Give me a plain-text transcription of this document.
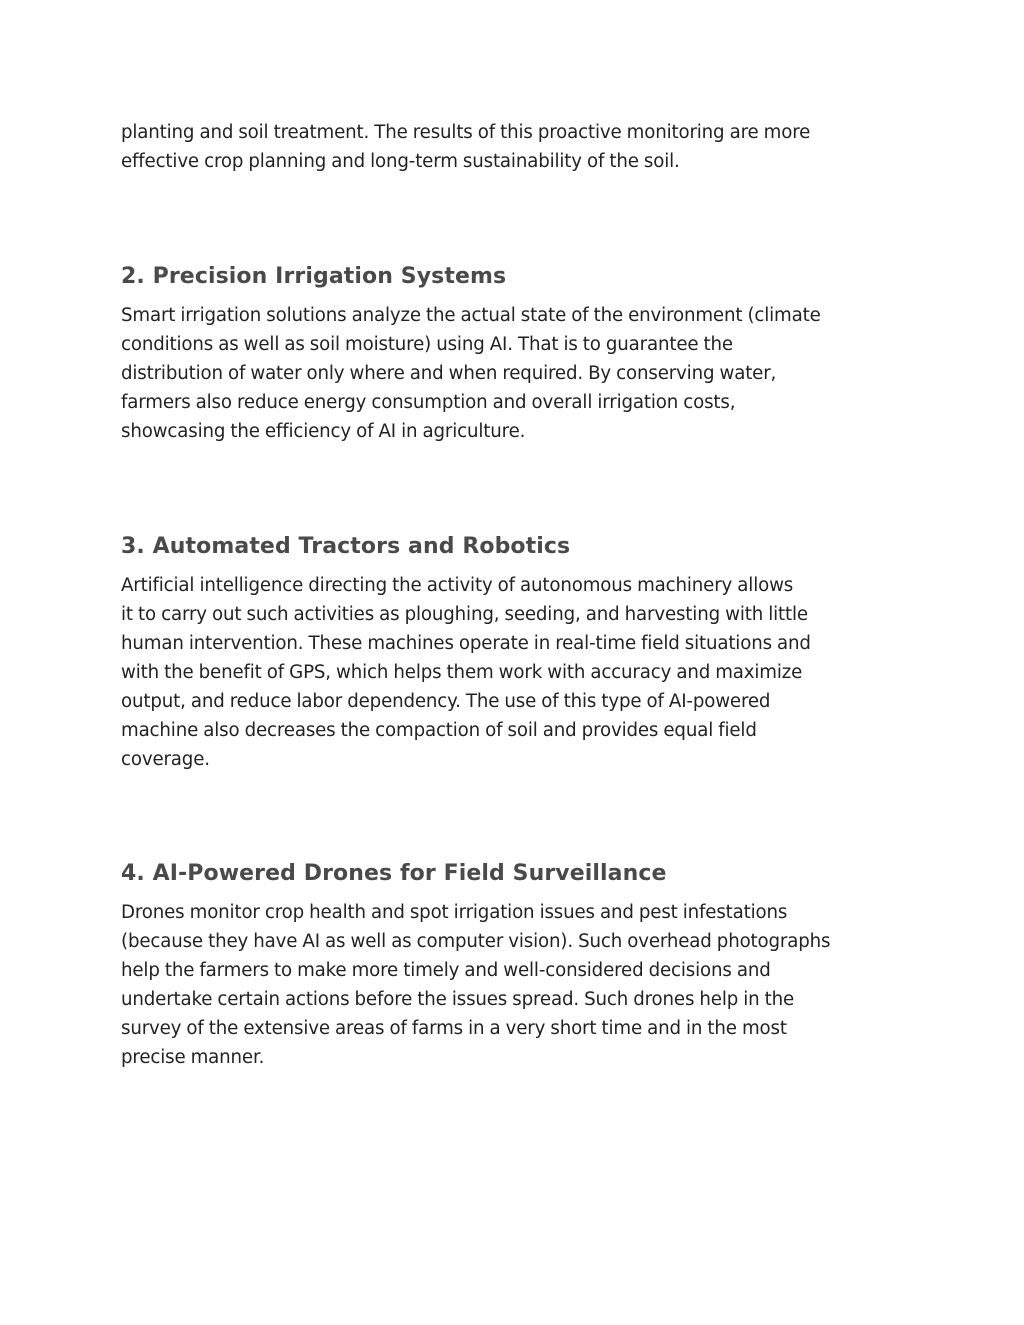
planting and soil treatment. The results of this proactive monitoring are more
effective crop planning and long-term sustainability of the soil.

2. Precision Irrigation Systems

Smart irrigation solutions analyze the actual state of the environment (climate
conditions as well as soil moisture) using AI. That is to guarantee the
distribution of water only where and when required. By conserving water,
farmers also reduce energy consumption and overall irrigation costs,
showcasing the efficiency of AI in agriculture.

3. Automated Tractors and Robotics

Artificial intelligence directing the activity of autonomous machinery allows
it to carry out such activities as ploughing, seeding, and harvesting with little
human intervention. These machines operate in real-time field situations and
with the benefit of GPS, which helps them work with accuracy and maximize
output, and reduce labor dependency. The use of this type of AI-powered
machine also decreases the compaction of soil and provides equal field
coverage.

4. AI-Powered Drones for Field Surveillance

Drones monitor crop health and spot irrigation issues and pest infestations
(because they have AI as well as computer vision). Such overhead photographs
help the farmers to make more timely and well-considered decisions and
undertake certain actions before the issues spread. Such drones help in the
survey of the extensive areas of farms in a very short time and in the most
precise manner.
